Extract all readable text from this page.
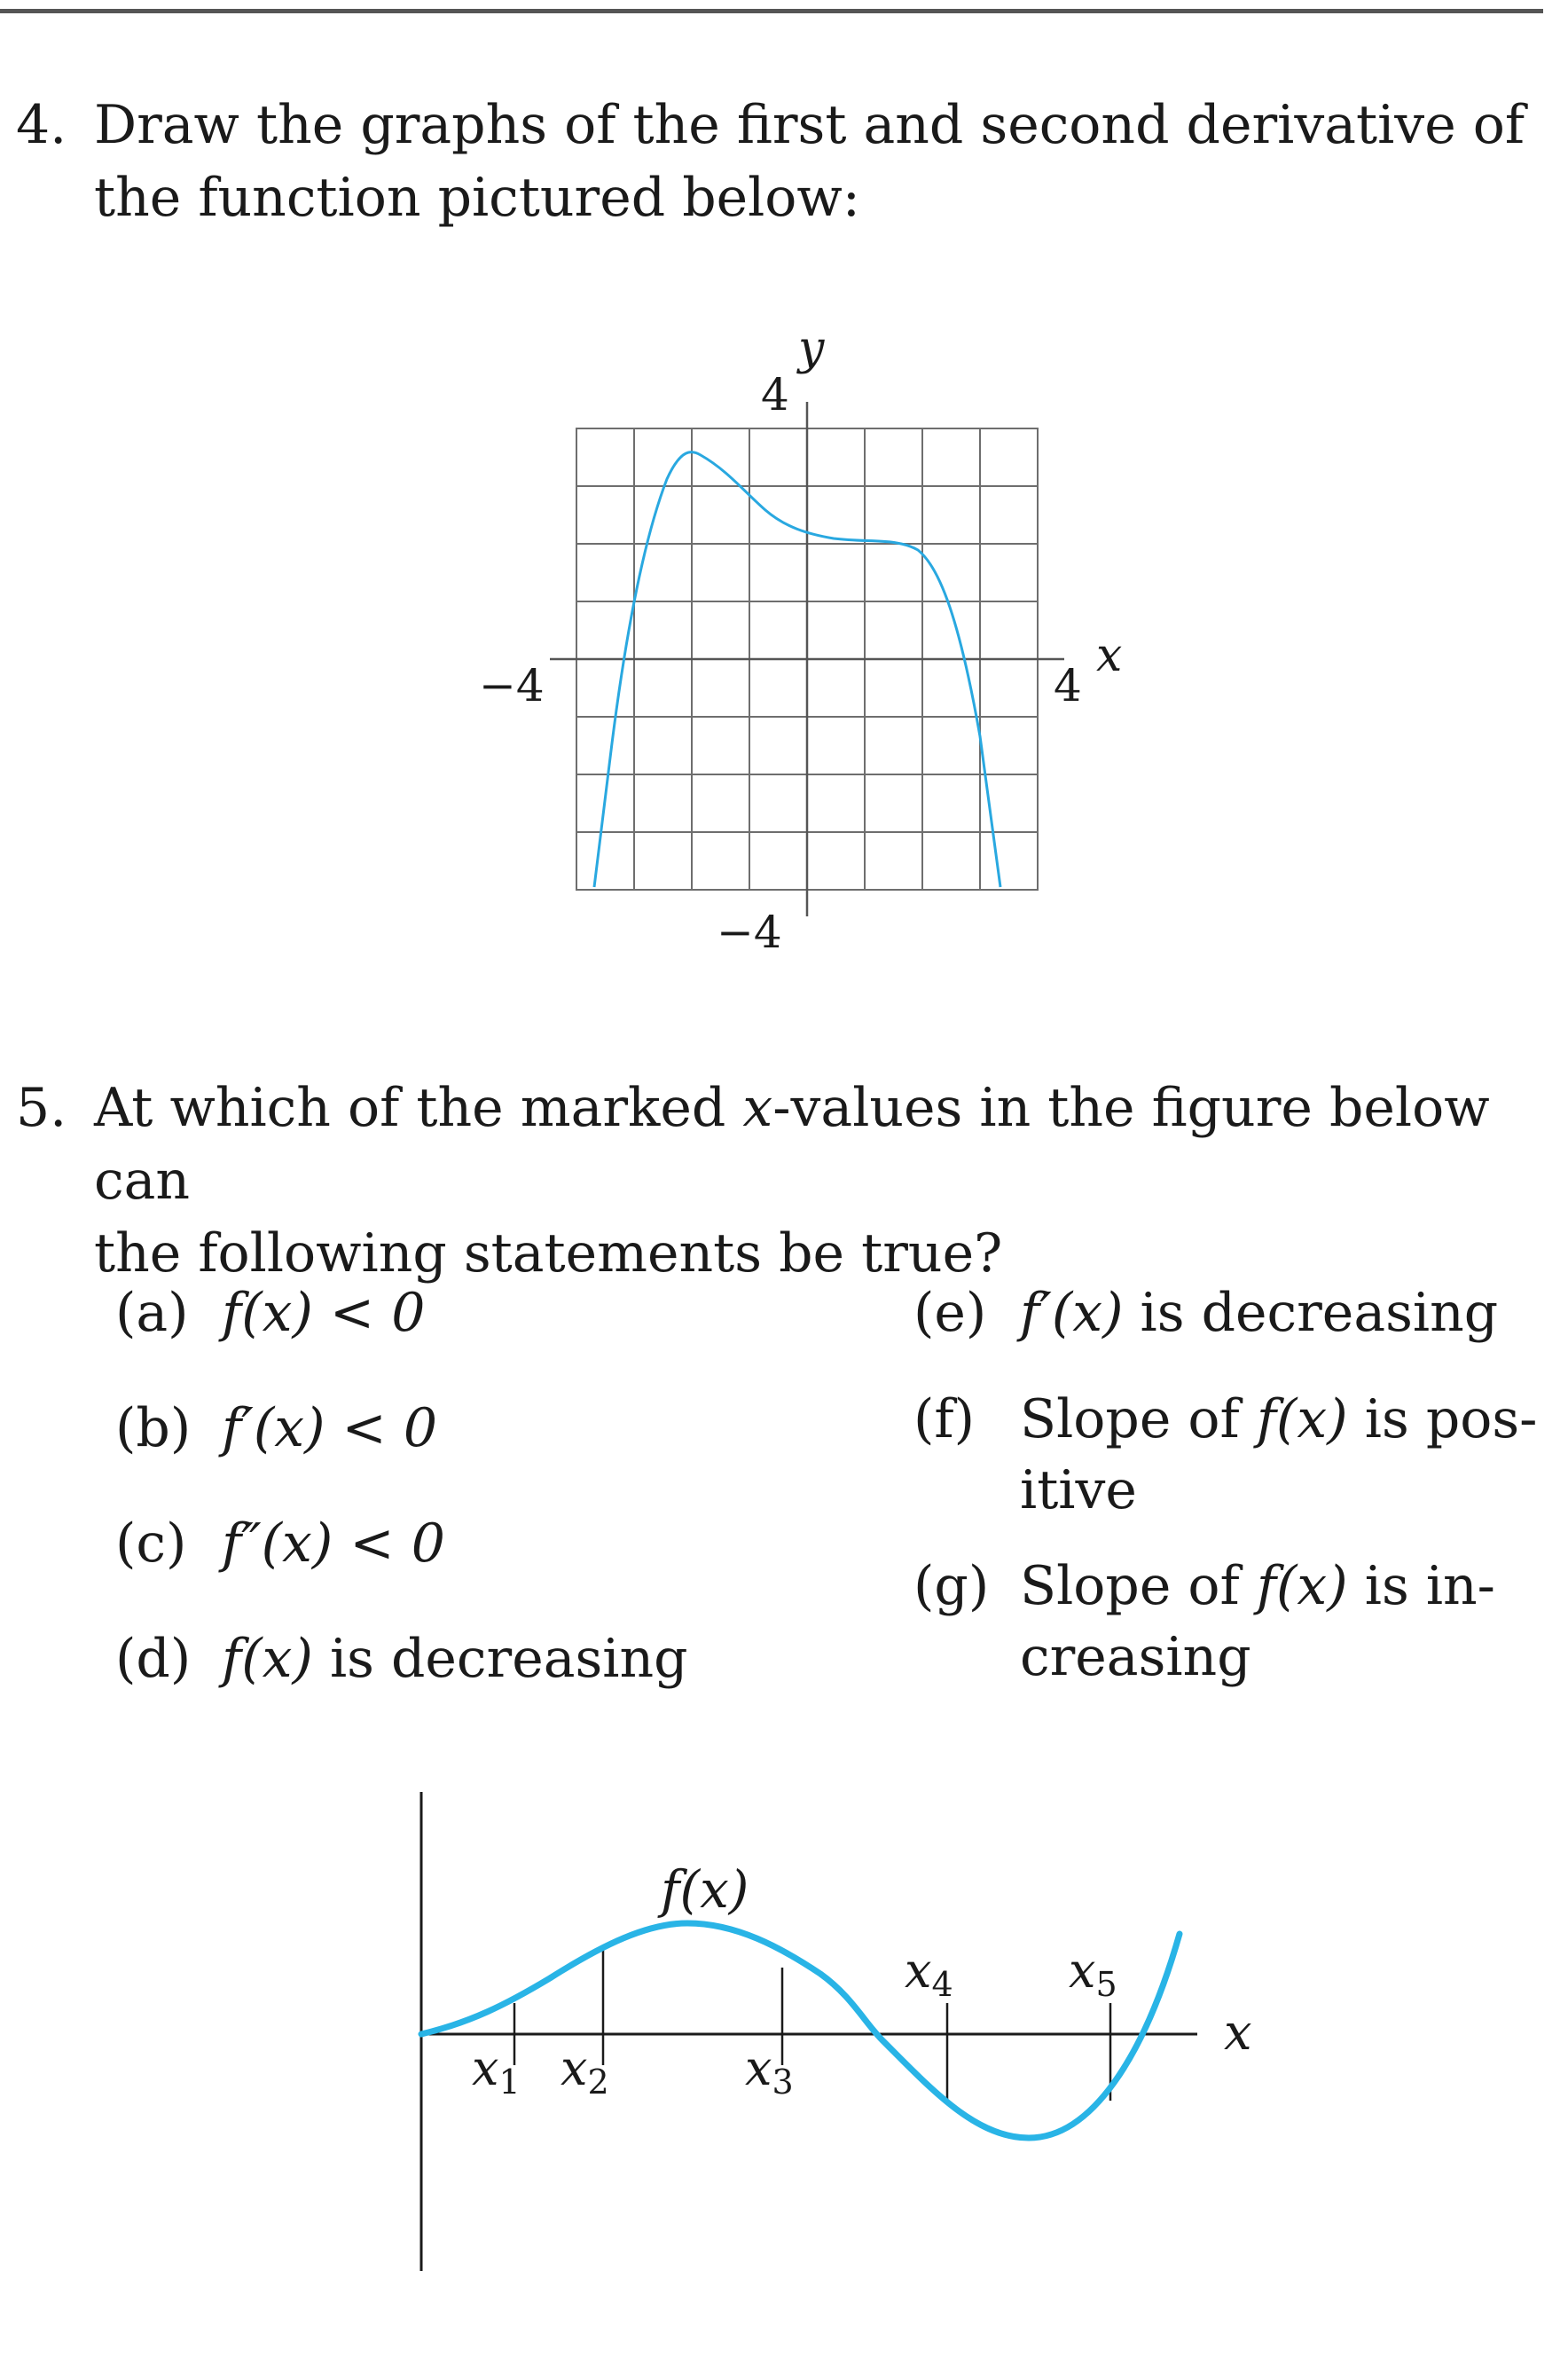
4. Draw the graphs of the first and second derivative of
the function pictured below:
y
4
−4
−4	4
x
5. At which of the marked x-values in the figure below can
the following statements be true?
(a) f(x) < 0
(b) f′(x) < 0
(c) f″(x) < 0
(d) f(x) is decreasing
(e) f′(x) is decreasing
(f) Slope of f(x) is pos-
itive
(g) Slope of f(x) is in-
creasing
f(x)
x
x1 x2	x3
x4 x5
